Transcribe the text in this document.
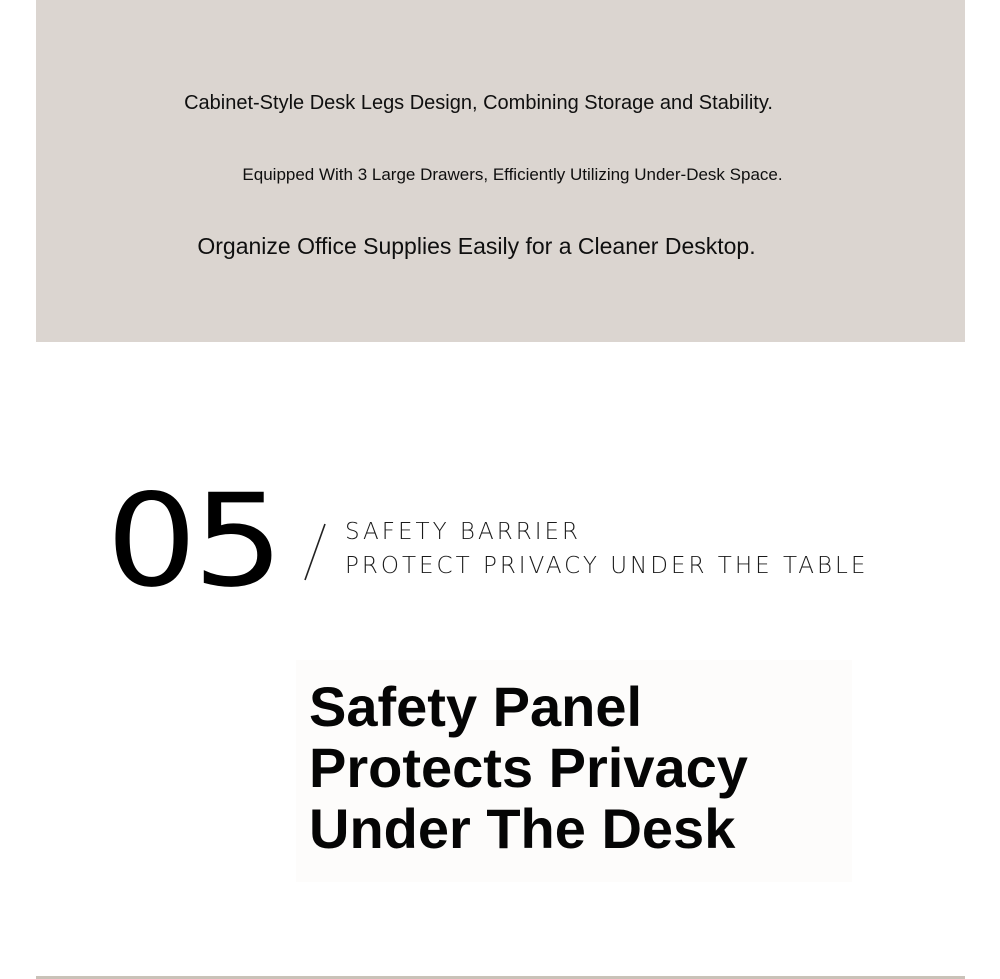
Cabinet-Style Desk Legs Design, Combining Storage and Stability.
Equipped With 3 Large Drawers, Efficiently Utilizing Under-Desk Space.
Organize Office Supplies Easily for a Cleaner Desktop.
05	SAFETY BARRIER
PROTECT PRIVACY UNDER THE TABLE
Safety Panel
Protects Privacy
Under The Desk
